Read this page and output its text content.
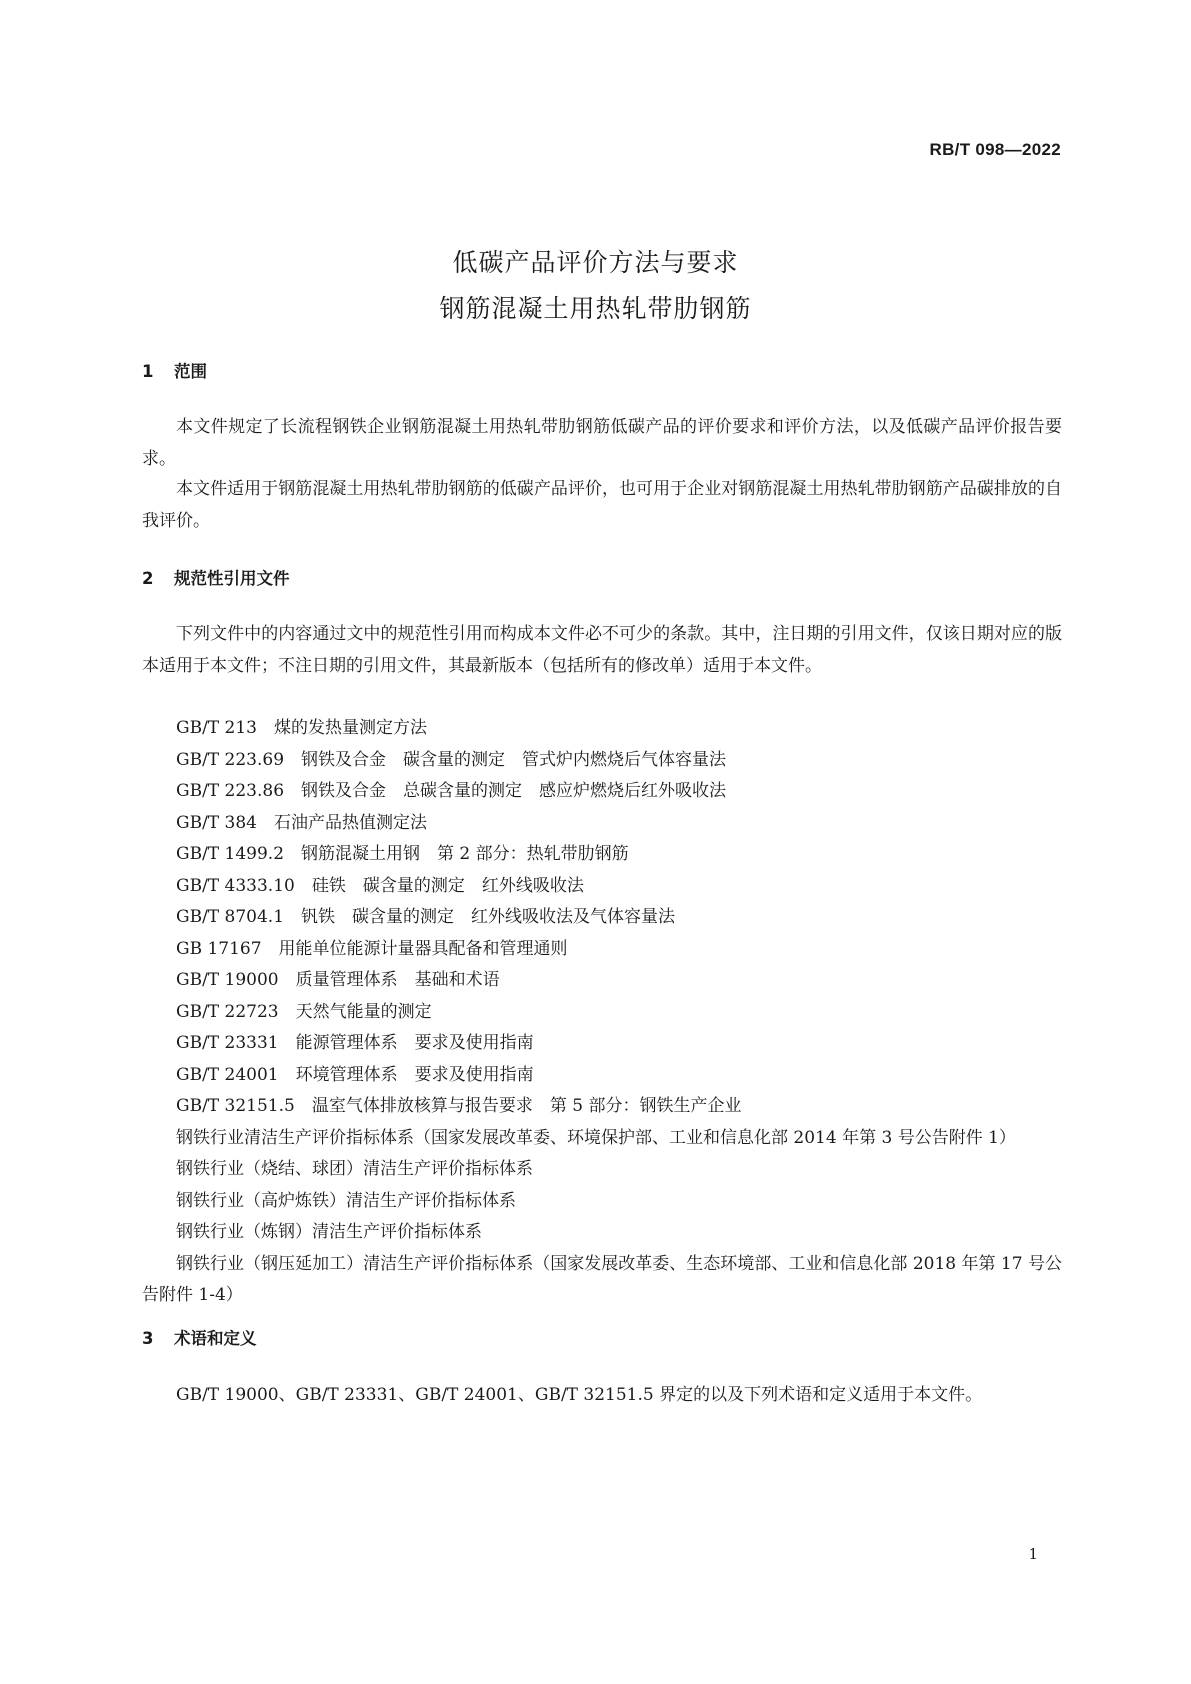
RB/T 098—2022
低碳产品评价方法与要求
钢筋混凝土用热轧带肋钢筋
1 范围
本文件规定了长流程钢铁企业钢筋混凝土用热轧带肋钢筋低碳产品的评价要求和评价方法，以及低碳产品评价报告要求。
本文件适用于钢筋混凝土用热轧带肋钢筋的低碳产品评价，也可用于企业对钢筋混凝土用热轧带肋钢筋产品碳排放的自我评价。
2 规范性引用文件
下列文件中的内容通过文中的规范性引用而构成本文件必不可少的条款。其中，注日期的引用文件，仅该日期对应的版本适用于本文件；不注日期的引用文件，其最新版本（包括所有的修改单）适用于本文件。
GB/T 213　煤的发热量测定方法
GB/T 223.69　钢铁及合金　碳含量的测定　管式炉内燃烧后气体容量法
GB/T 223.86　钢铁及合金　总碳含量的测定　感应炉燃烧后红外吸收法
GB/T 384　石油产品热值测定法
GB/T 1499.2　钢筋混凝土用钢　第 2 部分：热轧带肋钢筋
GB/T 4333.10　硅铁　碳含量的测定　红外线吸收法
GB/T 8704.1　钒铁　碳含量的测定　红外线吸收法及气体容量法
GB 17167　用能单位能源计量器具配备和管理通则
GB/T 19000　质量管理体系　基础和术语
GB/T 22723　天然气能量的测定
GB/T 23331　能源管理体系　要求及使用指南
GB/T 24001　环境管理体系　要求及使用指南
GB/T 32151.5　温室气体排放核算与报告要求　第 5 部分：钢铁生产企业
钢铁行业清洁生产评价指标体系（国家发展改革委、环境保护部、工业和信息化部 2014 年第 3 号公告附件 1）
钢铁行业（烧结、球团）清洁生产评价指标体系
钢铁行业（高炉炼铁）清洁生产评价指标体系
钢铁行业（炼钢）清洁生产评价指标体系
钢铁行业（钢压延加工）清洁生产评价指标体系（国家发展改革委、生态环境部、工业和信息化部 2018 年第 17 号公告附件 1-4）
3 术语和定义
GB/T 19000、GB/T 23331、GB/T 24001、GB/T 32151.5 界定的以及下列术语和定义适用于本文件。
1
